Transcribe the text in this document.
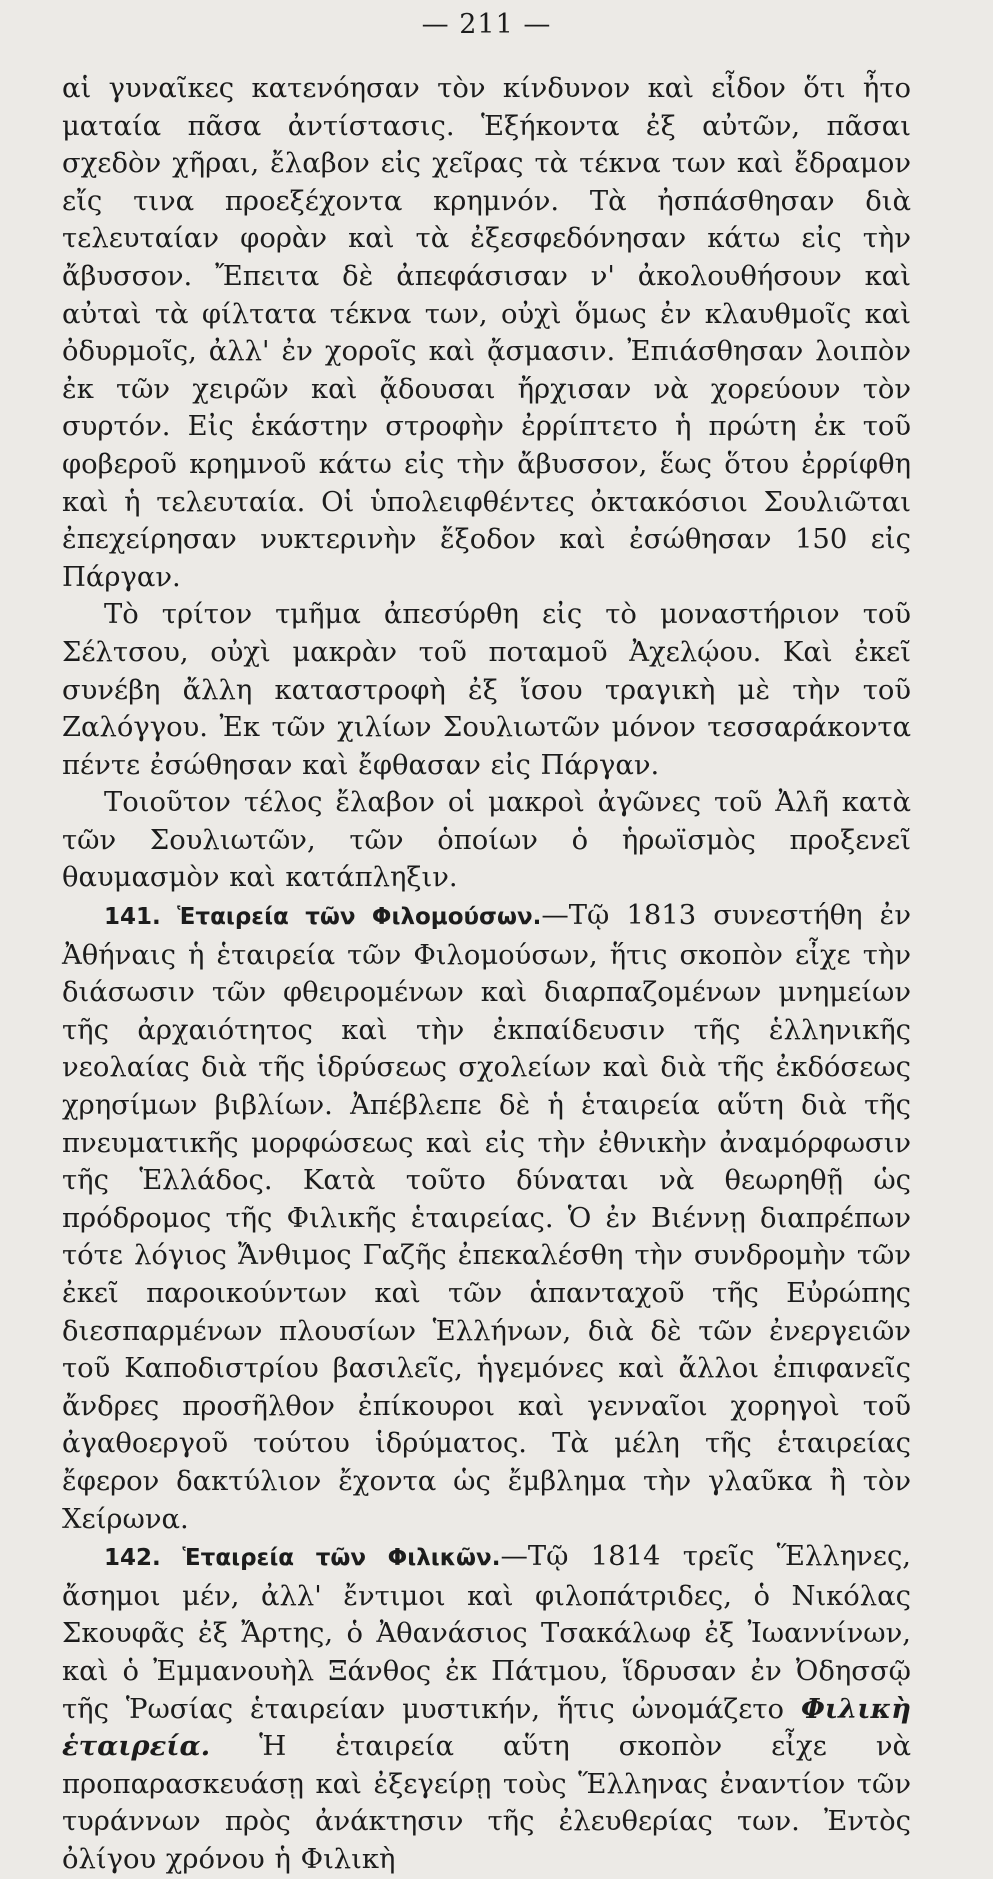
— 211 —

αἱ γυναῖκες κατενόησαν τὸν κίνδυνον καὶ εἶδον ὅτι ἦτο ματαία πᾶσα ἀντίστασις. Ἑξήκοντα ἐξ αὐτῶν, πᾶσαι σχεδὸν χῆραι, ἔλαβον εἰς χεῖρας τὰ τέκνα των καὶ ἔδραμον εἴς τινα προεξέχοντα κρημνόν. Τὰ ἠσπάσθησαν διὰ τελευταίαν φορὰν καὶ τὰ ἐξεσφεδόνησαν κάτω εἰς τὴν ἄβυσσον. Ἔπειτα δὲ ἀπεφάσισαν ν' ἀκολουθήσουν καὶ αὐταὶ τὰ φίλτατα τέκνα των, οὐχὶ ὅμως ἐν κλαυθμοῖς καὶ ὀδυρμοῖς, ἀλλ' ἐν χοροῖς καὶ ᾄσμασιν. Ἐπιάσθησαν λοιπὸν ἐκ τῶν χειρῶν καὶ ᾄδουσαι ἤρχισαν νὰ χορεύουν τὸν συρτόν. Εἰς ἑκάστην στροφὴν ἐρρίπτετο ἡ πρώτη ἐκ τοῦ φοβεροῦ κρημνοῦ κάτω εἰς τὴν ἄβυσσον, ἕως ὅτου ἐρρίφθη καὶ ἡ τελευταία. Οἱ ὑπολειφθέντες ὀκτακόσιοι Σουλιῶται ἐπεχείρησαν νυκτερινὴν ἔξοδον καὶ ἐσώθησαν 150 εἰς Πάργαν.

Τὸ τρίτον τμῆμα ἀπεσύρθη εἰς τὸ μοναστήριον τοῦ Σέλτσου, οὐχὶ μακρὰν τοῦ ποταμοῦ Ἀχελῴου. Καὶ ἐκεῖ συνέβη ἄλλη καταστροφὴ ἐξ ἴσου τραγικὴ μὲ τὴν τοῦ Ζαλόγγου. Ἐκ τῶν χιλίων Σουλιωτῶν μόνον τεσσαράκοντα πέντε ἐσώθησαν καὶ ἔφθασαν εἰς Πάργαν.

Τοιοῦτον τέλος ἔλαβον οἱ μακροὶ ἀγῶνες τοῦ Ἀλῆ κατὰ τῶν Σουλιωτῶν, τῶν ὁποίων ὁ ἡρωϊσμὸς προξενεῖ θαυμασμὸν καὶ κατάπληξιν.

141. Ἑταιρεία τῶν Φιλομούσων.—Τῷ 1813 συνεστήθη ἐν Ἀθήναις ἡ ἑταιρεία τῶν Φιλομούσων, ἥτις σκοπὸν εἶχε τὴν διάσωσιν τῶν φθειρομένων καὶ διαρπαζομένων μνημείων τῆς ἀρχαιότητος καὶ τὴν ἐκπαίδευσιν τῆς ἑλληνικῆς νεολαίας διὰ τῆς ἱδρύσεως σχολείων καὶ διὰ τῆς ἐκδόσεως χρησίμων βιβλίων. Ἀπέβλεπε δὲ ἡ ἑταιρεία αὕτη διὰ τῆς πνευματικῆς μορφώσεως καὶ εἰς τὴν ἐθνικὴν ἀναμόρφωσιν τῆς Ἑλλάδος. Κατὰ τοῦτο δύναται νὰ θεωρηθῇ ὡς πρόδρομος τῆς Φιλικῆς ἑταιρείας. Ὁ ἐν Βιέννῃ διαπρέπων τότε λόγιος Ἄνθιμος Γαζῆς ἐπεκαλέσθη τὴν συνδρομὴν τῶν ἐκεῖ παροικούντων καὶ τῶν ἁπανταχοῦ τῆς Εὐρώπης διεσπαρμένων πλουσίων Ἑλλήνων, διὰ δὲ τῶν ἐνεργειῶν τοῦ Καποδιστρίου βασιλεῖς, ἡγεμόνες καὶ ἄλλοι ἐπιφανεῖς ἄνδρες προσῆλθον ἐπίκουροι καὶ γενναῖοι χορηγοὶ τοῦ ἀγαθοεργοῦ τούτου ἱδρύματος. Τὰ μέλη τῆς ἑταιρείας ἔφερον δακτύλιον ἔχοντα ὡς ἔμβλημα τὴν γλαῦκα ἢ τὸν Χείρωνα.

142. Ἑταιρεία τῶν Φιλικῶν.—Τῷ 1814 τρεῖς Ἕλληνες, ἄσημοι μέν, ἀλλ' ἔντιμοι καὶ φιλοπάτριδες, ὁ Νικόλας Σκουφᾶς ἐξ Ἄρτης, ὁ Ἀθανάσιος Τσακάλωφ ἐξ Ἰωαννίνων, καὶ ὁ Ἐμμανουὴλ Ξάνθος ἐκ Πάτμου, ἵδρυσαν ἐν Ὀδησσῷ τῆς Ῥωσίας ἑταιρείαν μυστικήν, ἥτις ὠνομάζετο Φιλικὴ ἑταιρεία. Ἡ ἑταιρεία αὕτη σκοπὸν εἶχε νὰ προπαρασκευάσῃ καὶ ἐξεγείρῃ τοὺς Ἕλληνας ἐναντίον τῶν τυράννων πρὸς ἀνάκτησιν τῆς ἐλευθερίας των. Ἐντὸς ὀλίγου χρόνου ἡ Φιλικὴ
